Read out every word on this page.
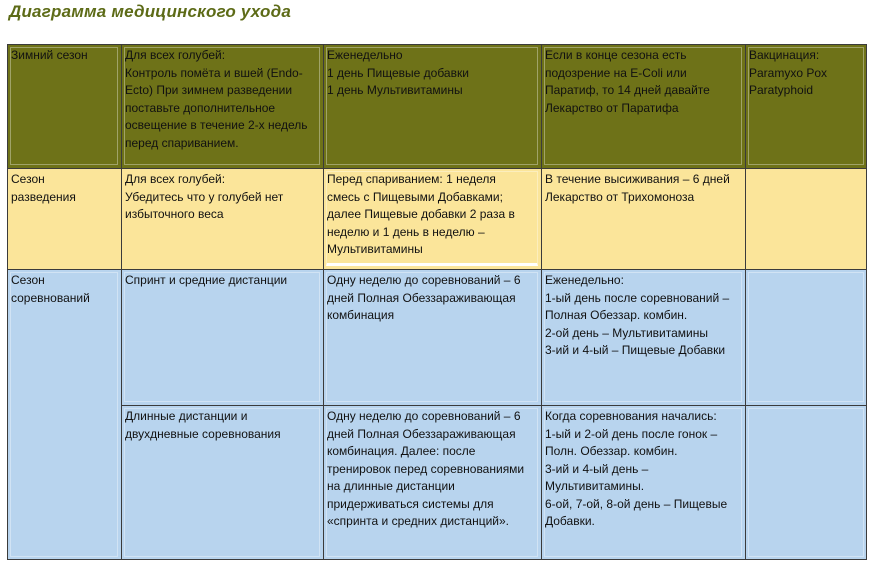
Диаграмма медицинского ухода
Зимний сезон	Для всех голубей:
Контроль помёта и вшей (Endo-
Ecto) При зимнем разведении
поставьте дополнительное
освещение в течение 2-х недель
перед спариванием.
Еженедельно
1 день Пищевые добавки
1 день Мультивитамины
Если в конце сезона есть
подозрение на E-Coli или
Паратиф, то 14 дней давайте
Лекарство от Паратифа
Вакцинация:
Paramyxo Pox
Paratyphoid
Сезон
разведения
Для всех голубей:
Убедитесь что у голубей нет
избыточного веса
Перед спариванием: 1 неделя
смесь с Пищевыми Добавками;
далее Пищевые добавки 2 раза в
неделю и 1 день в неделю –
Мультивитамины
В течение высиживания – 6 дней
Лекарство от Трихомоноза
Сезон
соревнований
Спринт и средние дистанции	Одну неделю до соревнований – 6
дней Полная Обеззараживающая
комбинация
Еженедельно:
1-ый день после соревнований –
Полная Обеззар. комбин.
2-ой день – Мультивитамины
3-ий и 4-ый – Пищевые Добавки
Длинные дистанции и
двухдневные соревнования
Одну неделю до соревнований – 6
дней Полная Обеззараживающая
комбинация. Далее: после
тренировок перед соревнованиями
на длинные дистанции
придерживаться системы для
«спринта и средних дистанций».
Когда соревнования начались:
1-ый и 2-ой день после гонок –
Полн. Обеззар. комбин.
3-ий и 4-ый день –
Мультивитамины.
6-ой, 7-ой, 8-ой день – Пищевые
Добавки.
